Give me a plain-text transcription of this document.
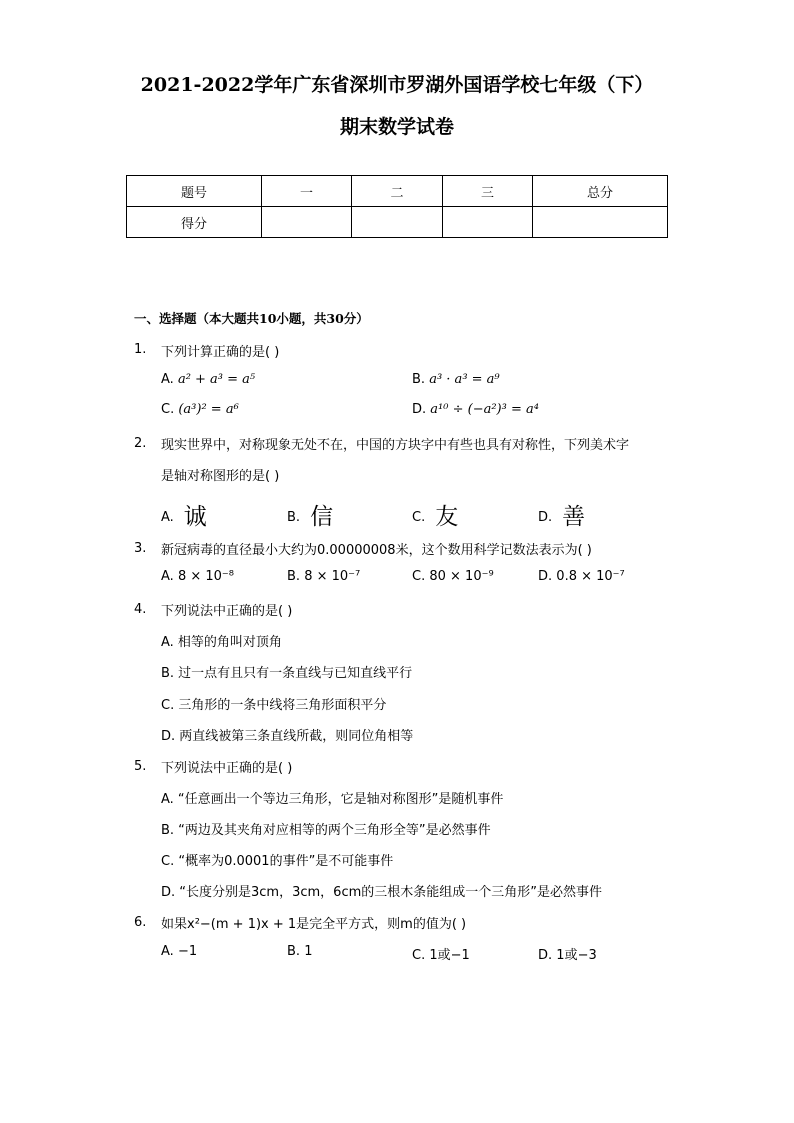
2021-2022学年广东省深圳市罗湖外国语学校七年级（下）
期末数学试卷
题号	一	二	三	总分
得分				
一、选择题（本大题共10小题，共30分）
1. 下列计算正确的是( )
A. a² + a³ = a⁵	B. a³ · a³ = a⁹
C. (a³)² = a⁶	D. a¹⁰ ÷ (−a²)³ = a⁴
2. 现实世界中，对称现象无处不在，中国的方块字中有些也具有对称性，下列美术字
是轴对称图形的是( )
A. 诚	B. 信	C. 友	D. 善
3. 新冠病毒的直径最小大约为0.00000008米，这个数用科学记数法表示为( )
A. 8 × 10⁻⁸	B. 8 × 10⁻⁷	C. 80 × 10⁻⁹	D. 0.8 × 10⁻⁷
4. 下列说法中正确的是( )
A. 相等的角叫对顶角
B. 过一点有且只有一条直线与已知直线平行
C. 三角形的一条中线将三角形面积平分
D. 两直线被第三条直线所截，则同位角相等
5. 下列说法中正确的是( )
A. “任意画出一个等边三角形，它是轴对称图形”是随机事件
B. “两边及其夹角对应相等的两个三角形全等”是必然事件
C. “概率为0.0001的事件”是不可能事件
D. “长度分别是3cm，3cm，6cm的三根木条能组成一个三角形”是必然事件
6. 如果x²−(m + 1)x + 1是完全平方式，则m的值为( )
A. −1	B. 1	C. 1或−1	D. 1或−3
